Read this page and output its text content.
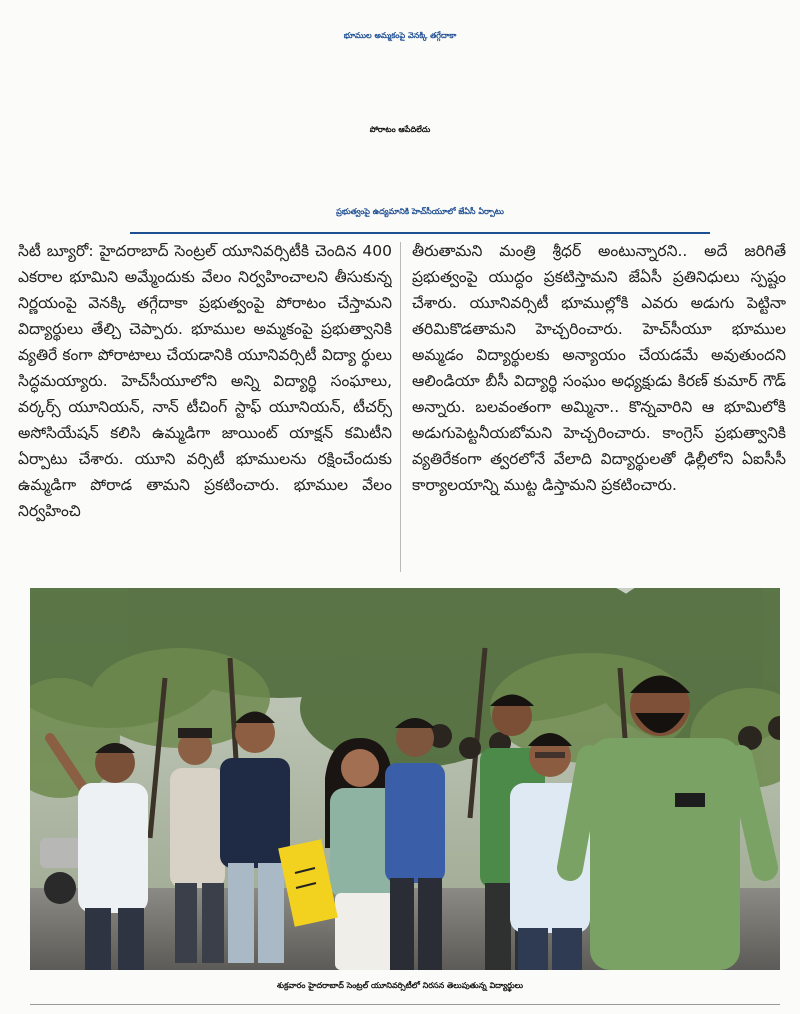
భూముల అమ్మకంపై వెనక్కి తగ్గేదాకా
పోరాటం ఆపేదిలేదు
ప్రభుత్వంపై ఉద్యమానికి హెచ్‌సీయూలో జేఏసీ ఏర్పాటు
సిటీ బ్యూరో: హైదరాబాద్ సెంట్రల్ యూనివర్సిటీకి చెందిన 400 ఎకరాల భూమిని అమ్మేందుకు వేలం నిర్వహించాలని తీసుకున్న నిర్ణయంపై వెనక్కి తగ్గేదాకా ప్రభుత్వంపై పోరాటం చేస్తామని విద్యార్థులు తేల్చి చెప్పారు. భూముల అమ్మకంపై ప్రభుత్వానికి వ్యతిరే కంగా పోరాటాలు చేయడానికి యూనివర్సిటీ విద్యా ర్థులు సిద్ధమయ్యారు. హెచ్‌సీయూలోని అన్ని విద్యార్థి సంఘాలు, వర్కర్స్ యూనియన్, నాన్ టీచింగ్ స్టాఫ్ యూనియన్, టీచర్స్ అసోసియేషన్ కలిసి ఉమ్మడిగా జాయింట్ యాక్షన్ కమిటీని ఏర్పాటు చేశారు. యూని వర్సిటీ భూములను రక్షించేందుకు ఉమ్మడిగా పోరాడ తామని ప్రకటించారు. భూముల వేలం నిర్వహించి
తీరుతామని మంత్రి శ్రీధర్ అంటున్నారని.. అదే జరిగితే ప్రభుత్వంపై యుద్ధం ప్రకటిస్తామని జేఏసీ ప్రతినిధులు స్పష్టం చేశారు. యూనివర్సిటీ భూముల్లోకి ఎవరు అడుగు పెట్టినా తరిమికొడతామని హెచ్చరించారు. హెచ్‌సీయూ భూముల అమ్మడం విద్యార్థులకు అన్యాయం చేయడమే అవుతుందని ఆలిండియా బీసీ విద్యార్థి సంఘం అధ్యక్షుడు కిరణ్ కుమార్ గౌడ్ అన్నారు. బలవంతంగా అమ్మినా.. కొన్నవారిని ఆ భూమిలోకి అడుగుపెట్టనీయబోమని హెచ్చరించారు. కాంగ్రెస్ ప్రభుత్వానికి వ్యతిరేకంగా త్వరలోనే వేలాది విద్యార్థులతో ఢిల్లీలోని ఏఐసీసీ కార్యాలయాన్ని ముట్ట డిస్తామని ప్రకటించారు.
శుక్రవారం హైదరాబాద్ సెంట్రల్ యూనివర్సిటీలో నిరసన తెలుపుతున్న విద్యార్థులు
